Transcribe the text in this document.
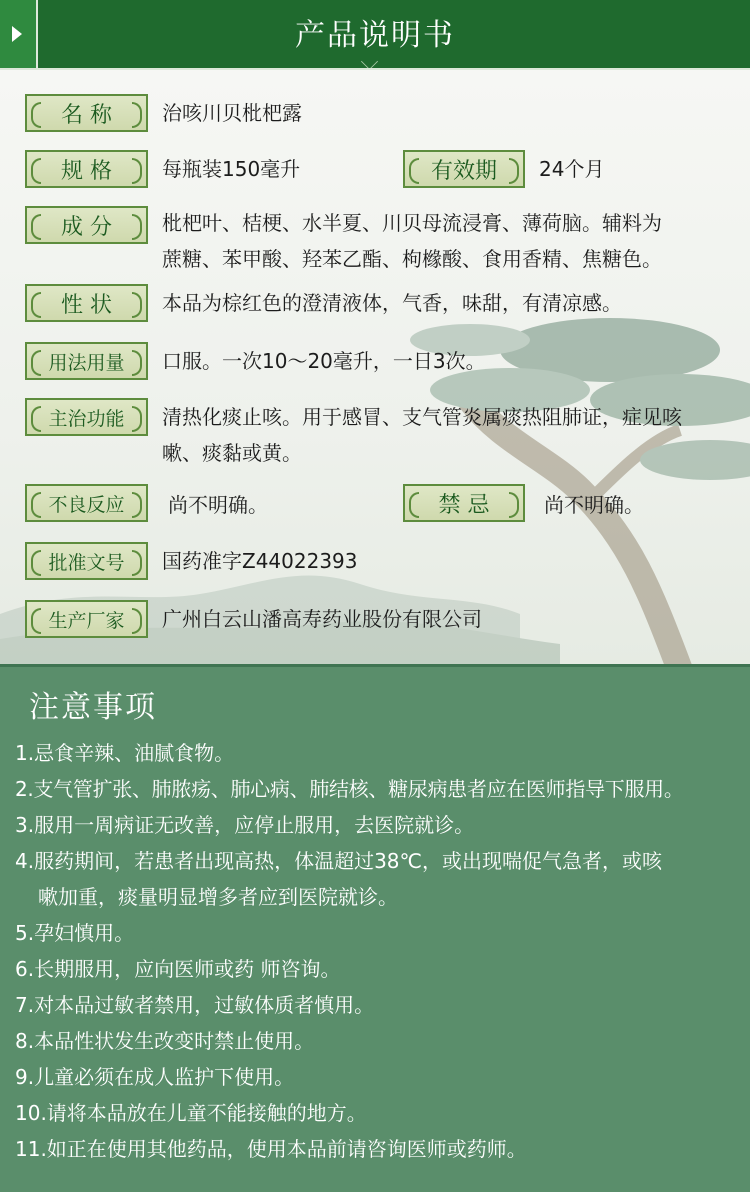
产品说明书
名 称	治咳川贝枇杷露
规 格	每瓶装150毫升	有效期 24个月
成 分	枇杷叶、桔梗、水半夏、川贝母流浸膏、薄荷脑。辅料为
蔗糖、苯甲酸、羟苯乙酯、枸橼酸、食用香精、焦糖色。
性 状	本品为棕红色的澄清液体，气香，味甜，有清凉感。
用法用量 口服。一次10～20毫升，一日3次。
主治功能 清热化痰止咳。用于感冒、支气管炎属痰热阻肺证，症见咳
嗽、痰黏或黄。
不良反应 尚不明确。	禁 忌	尚不明确。
批准文号 国药准字Z44022393
生产厂家 广州白云山潘高寿药业股份有限公司
注意事项
1.忌食辛辣、油腻食物。
2.支气管扩张、肺脓疡、肺心病、肺结核、糖尿病患者应在医师指导下服用。
3.服用一周病证无改善，应停止服用，去医院就诊。
4.服药期间，若患者出现高热，体温超过38℃，或出现喘促气急者，或咳
嗽加重，痰量明显增多者应到医院就诊。
5.孕妇慎用。
6.长期服用，应向医师或药 师咨询。
7.对本品过敏者禁用，过敏体质者慎用。
8.本品性状发生改变时禁止使用。
9.儿童必须在成人监护下使用。
10.请将本品放在儿童不能接触的地方。
11.如正在使用其他药品，使用本品前请咨询医师或药师。
